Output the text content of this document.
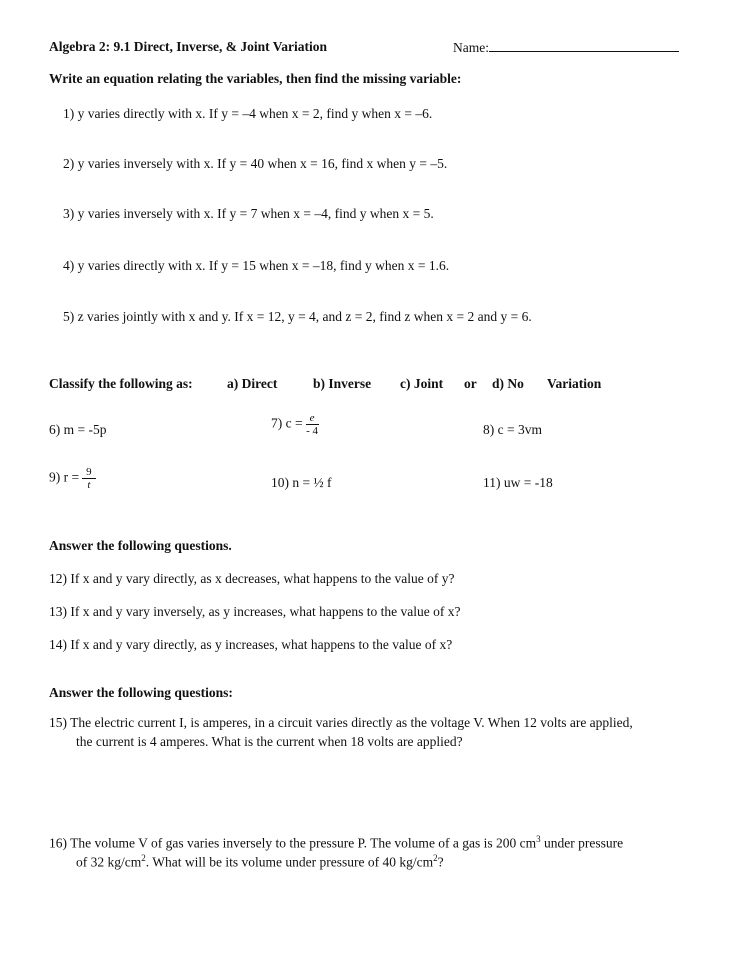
Algebra 2: 9.1 Direct, Inverse, & Joint Variation	Name:
Write an equation relating the variables, then find the missing variable:
1) y varies directly with x. If y = –4 when x = 2, find y when x = –6.
2) y varies inversely with x. If y = 40 when x = 16, find x when y = –5.
3) y varies inversely with x. If y = 7 when x = –4, find y when x = 5.
4) y varies directly with x. If y = 15 when x = –18, find y when x = 1.6.
5) z varies jointly with x and y. If x = 12, y = 4, and z = 2, find z when x = 2 and y = 6.
Classify the following as:	a) Direct	b) Inverse c) Joint or d) No Variation
6) m = -5p	7) $c = \frac{e}{- 4}$	8) c = 3vm
9) $r = \frac{9}{t}$	10) n = ½ f	11) uw = -18
Answer the following questions.
12) If x and y vary directly, as x decreases, what happens to the value of y?
13) If x and y vary inversely, as y increases, what happens to the value of x?
14) If x and y vary directly, as y increases, what happens to the value of x?
Answer the following questions:
15) The electric current I, is amperes, in a circuit varies directly as the voltage V. When 12 volts are applied,
the current is 4 amperes. What is the current when 18 volts are applied?
16) The volume V of gas varies inversely to the pressure P. The volume of a gas is 200 $cm^3$ under pressure
of 32 $kg/cm^2$. What will be its volume under pressure of 40 $kg/cm^2$?
